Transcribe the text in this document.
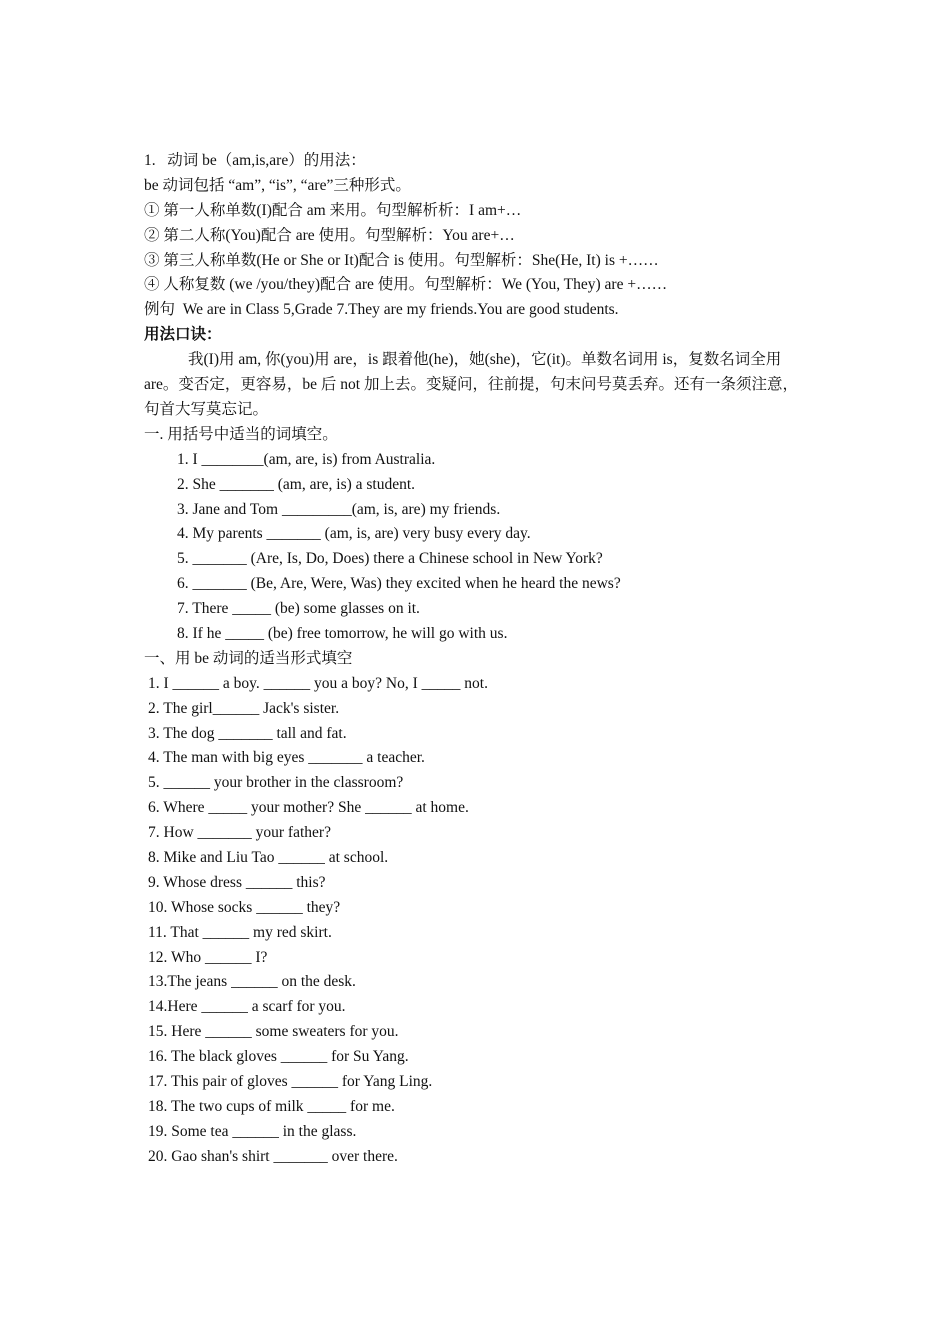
1.   动词 be（am,is,are）的用法：
be 动词包括 “am”, “is”, “are”三种形式。
① 第一人称单数(I)配合 am 来用。句型解析析：I am+…
② 第二人称(You)配合 are 使用。句型解析：You are+…
③ 第三人称单数(He or She or It)配合 is 使用。句型解析：She(He, It) is +……
④ 人称复数 (we /you/they)配合 are 使用。句型解析：We (You, They) are +……
例句  We are in Class 5,Grade 7.They are my friends.You are good students.
用法口诀：
我(I)用 am, 你(you)用 are，is 跟着他(he)，她(she)，它(it)。单数名词用 is，复数名词全用 are。变否定，更容易，be 后 not 加上去。变疑问，往前提，句末问号莫丢弃。还有一条须注意，句首大写莫忘记。
一. 用括号中适当的词填空。
1. I ________(am, are, is) from Australia.
2. She _______ (am, are, is) a student.
3. Jane and Tom _________(am, is, are) my friends.
4. My parents _______ (am, is, are) very busy every day.
5. _______ (Are, Is, Do, Does) there a Chinese school in New York?
6. _______ (Be, Are, Were, Was) they excited when he heard the news?
7. There _____ (be) some glasses on it.
8. If he _____ (be) free tomorrow, he will go with us.
一、用 be 动词的适当形式填空
1. I ______ a boy. ______ you a boy? No, I _____ not.
2. The girl______ Jack's sister.
3. The dog _______ tall and fat.
4. The man with big eyes _______ a teacher.
5. ______ your brother in the classroom?
6. Where _____ your mother? She ______ at home.
7. How _______ your father?
8. Mike and Liu Tao ______ at school.
9. Whose dress ______ this?
10. Whose socks ______ they?
11. That ______ my red skirt.
12. Who ______ I?
13.The jeans ______ on the desk.
14.Here ______ a scarf for you.
15. Here ______ some sweaters for you.
16. The black gloves ______ for Su Yang.
17. This pair of gloves ______ for Yang Ling.
18. The two cups of milk _____ for me.
19. Some tea ______ in the glass.
20. Gao shan's shirt _______ over there.
